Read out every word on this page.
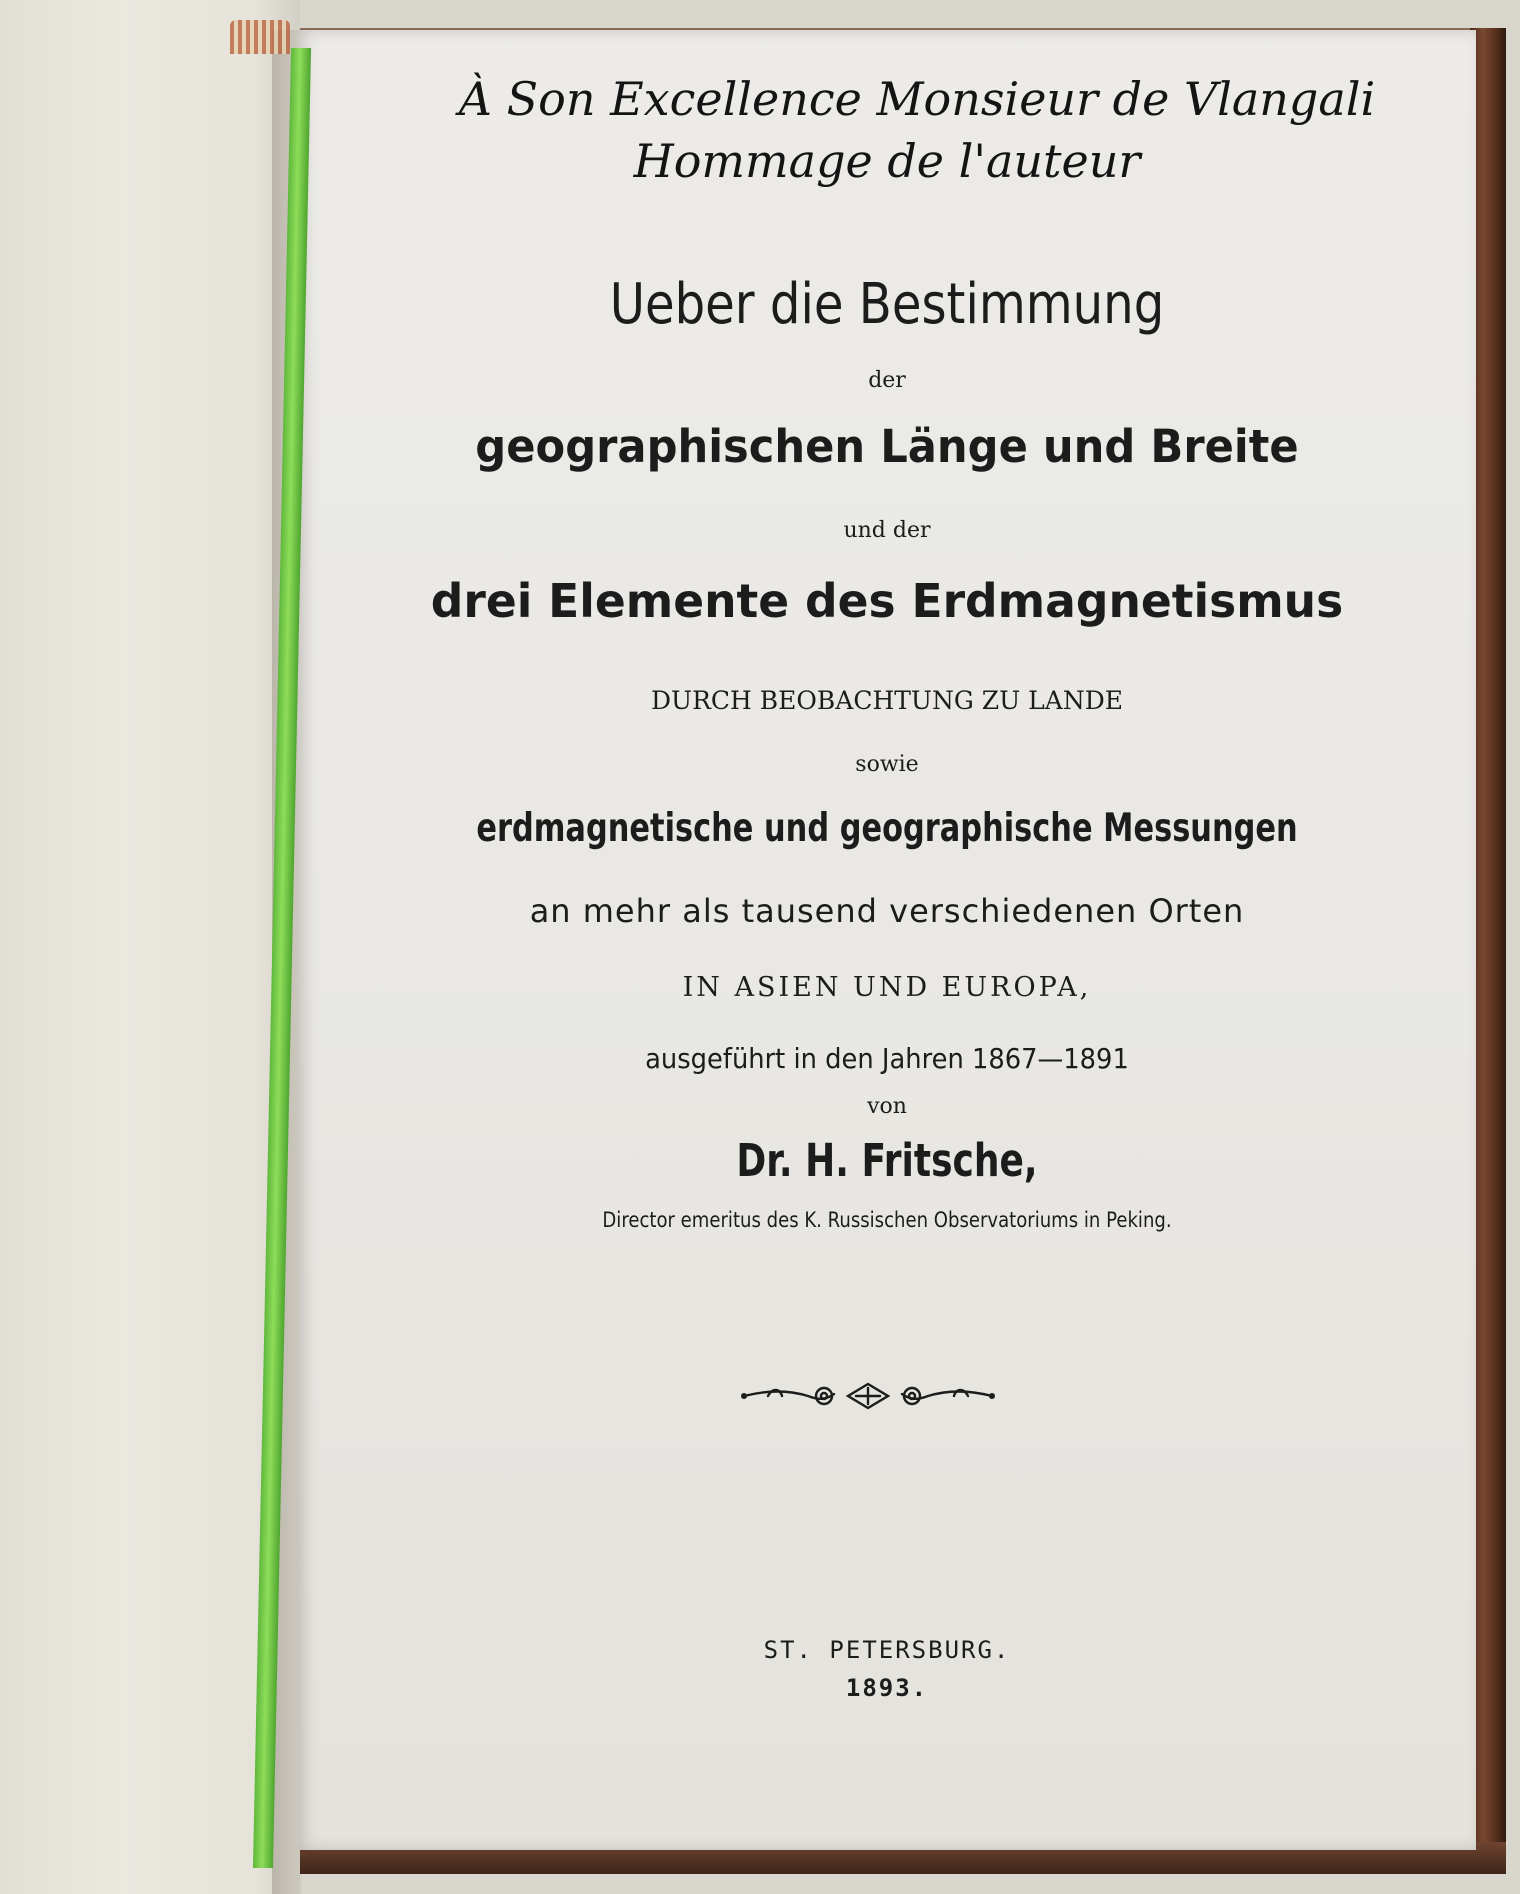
À Son Excellence Monsieur de Vlangali
Hommage de l'auteur
Ueber die Bestimmung
der
geographischen Länge und Breite
und der
drei Elemente des Erdmagnetismus
DURCH BEOBACHTUNG ZU LANDE
sowie
erdmagnetische und geographische Messungen
an mehr als tausend verschiedenen Orten
IN ASIEN UND EUROPA,
ausgeführt in den Jahren 1867—1891
von
Dr. H. Fritsche,
Director emeritus des K. Russischen Observatoriums in Peking.
ST. PETERSBURG.
1893.
